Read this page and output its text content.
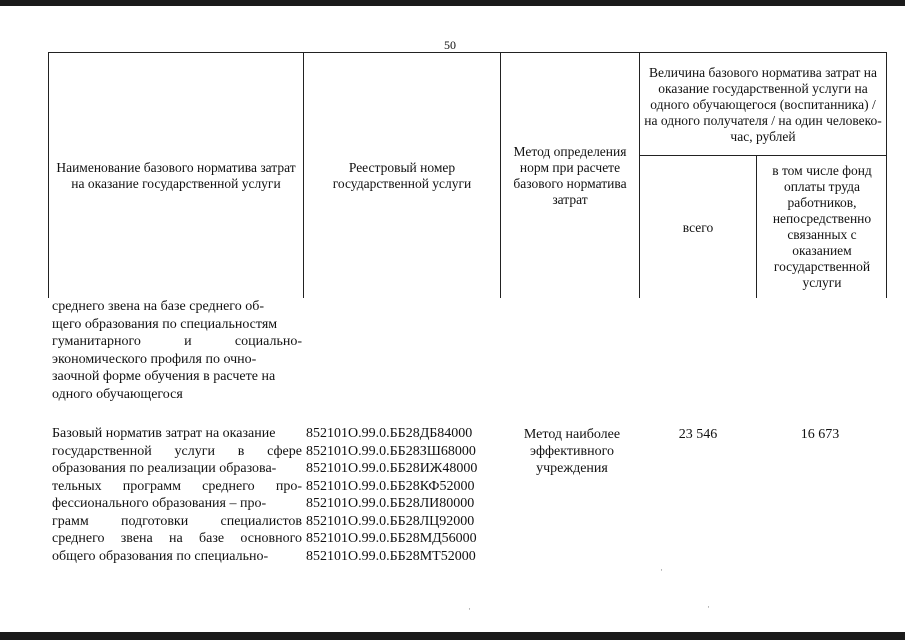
50
Наименование базового норматива затрат на оказание государственной услуги
Реестровый номер государственной услуги
Метод определения норм при расчете базового норматива затрат
Величина базового норматива затрат на оказание государственной услуги на одного обучающегося (воспитанника) / на одного получателя / на один человеко-час, рублей
всего
в том числе фонд оплаты труда работников, непосредственно связанных с оказанием государственной услуги
среднего звена на базе среднего об-
щего образования по специальностям
гуманитарного и социально-
экономического профиля по очно-
заочной форме обучения в расчете на
одного обучающегося
Базовый норматив затрат на оказание
государственной услуги в сфере
образования по реализации образова-
тельных программ среднего про-
фессионального образования – про-
грамм подготовки специалистов
среднего звена на базе основного
общего образования по специально-
852101О.99.0.ББ28ДБ84000
852101О.99.0.ББ28ЗШ68000
852101О.99.0.ББ28ИЖ48000
852101О.99.0.ББ28КФ52000
852101О.99.0.ББ28ЛИ80000
852101О.99.0.ББ28ЛЦ92000
852101О.99.0.ББ28МД56000
852101О.99.0.ББ28МТ52000
Метод наиболее эффективного учреждения
23 546	16 673
·
·
·
